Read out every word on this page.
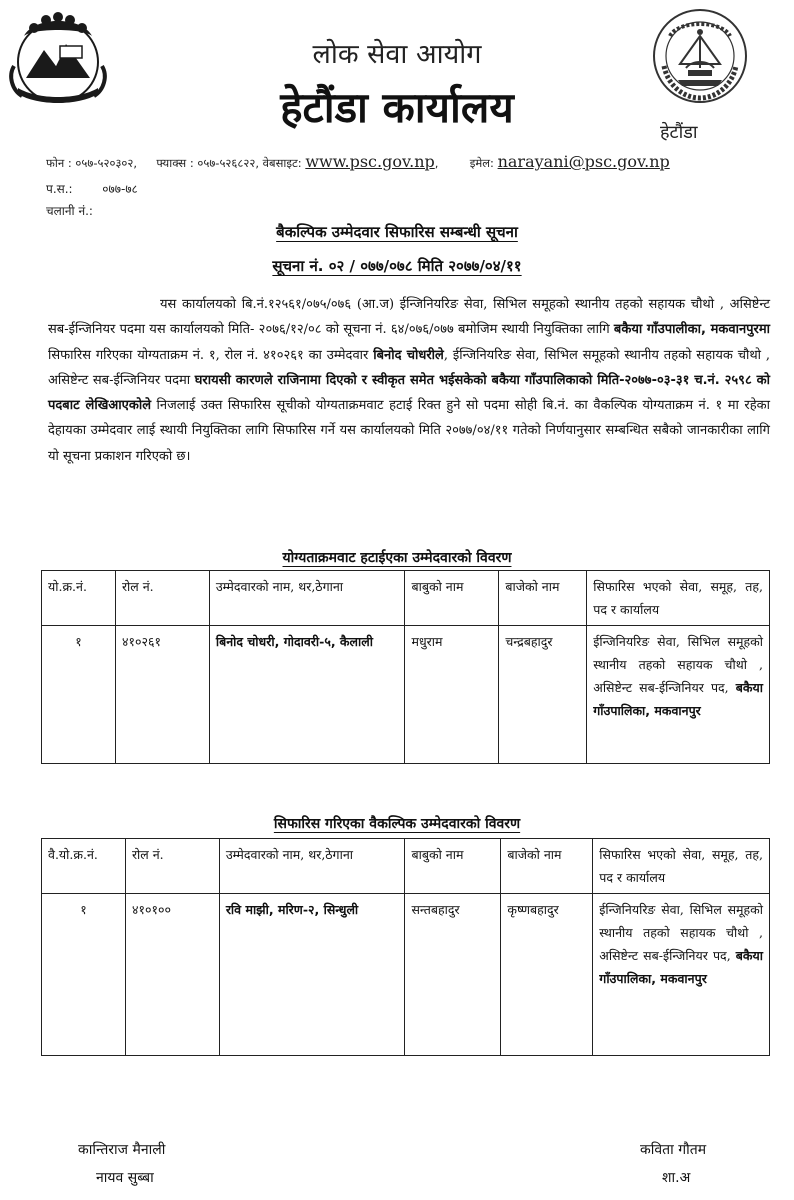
लोक सेवा आयोग
हेटौंडा कार्यालय
हेटौंडा
फोन : ०५७-५२०३०२, फ्याक्स : ०५७-५२६८२२, वेबसाइट: www.psc.gov.np,	इमेल: narayani@psc.gov.np
प.स.: ०७७-७८
चलानी नं.:
बैकल्पिक उम्मेदवार सिफारिस सम्बन्धी सूचना
सूचना नं. ०२ / ०७७/०७८ मिति २०७७/०४/११

यस कार्यालयको बि.नं.१२५६१/०७५/०७६ (आ.ज) ईन्जिनियरिङ सेवा, सिभिल समूहको स्थानीय तहको सहायक चौथो , असिष्टेन्ट सब-ईन्जिनियर पदमा यस कार्यालयको मिति- २०७६/१२/०८ को सूचना नं. ६४/०७६/०७७ बमोजिम स्थायी नियुक्तिका लागि बकैया गाँउपालीका, मकवानपुरमा सिफारिस गरिएका योग्यताक्रम नं. १, रोल नं. ४१०२६१ का उम्मेदवार बिनोद चोधरीले, ईन्जिनियरिङ सेवा, सिभिल समूहको स्थानीय तहको सहायक चौथो , असिष्टेन्ट सब-ईन्जिनियर पदमा घरायसी कारणले राजिनामा दिएको र स्वीकृत समेत भईसकेको बकैया गाँउपालिकाको मिति-२०७७-०३-३१ च.नं. २५९८ को पदबाट लेखिआएकोले निजलाई उक्त सिफारिस सूचीको योग्यताक्रमवाट हटाई रिक्त हुने सो पदमा सोही बि.नं. का वैकल्पिक योग्यताक्रम नं. १ मा रहेका देहायका उम्मेदवार लाई स्थायी नियुक्तिका लागि सिफारिस गर्ने यस कार्यालयको मिति २०७७/०४/११ गतेको निर्णयानुसार सम्बन्धित सबैको जानकारीका लागि यो सूचना प्रकाशन गरिएको छ।

योग्यताक्रमवाट हटाईएका उम्मेदवारको विवरण
यो.क्र.नं.	रोल नं.	उम्मेदवारको नाम, थर,ठेगाना	बाबुको नाम	बाजेको नाम	सिफारिस भएको सेवा, समूह, तह, पद र कार्यालय
१	४१०२६१	बिनोद चोधरी, गोदावरी-५, कैलाली	मधुराम	चन्द्रबहादुर	ईन्जिनियरिङ सेवा, सिभिल समूहको स्थानीय तहको सहायक चौथो , असिष्टेन्ट सब-ईन्जिनियर पद, बकैया गाँउपालिका, मकवानपुर
सिफारिस गरिएका वैकल्पिक उम्मेदवारको विवरण
वै.यो.क्र.नं.	रोल नं.	उम्मेदवारको नाम, थर,ठेगाना	बाबुको नाम	बाजेको नाम	सिफारिस भएको सेवा, समूह, तह, पद र कार्यालय
१	४१०१००	रवि माझी, मरिण-२, सिन्धुली	सन्तबहादुर	कृष्णबहादुर	ईन्जिनियरिङ सेवा, सिभिल समूहको स्थानीय तहको सहायक चौथो , असिष्टेन्ट सब-ईन्जिनियर पद, बकैया गाँउपालिका, मकवानपुर
कान्तिराज मैनाली
नायव सुब्बा
कविता गौतम
शा.अ
